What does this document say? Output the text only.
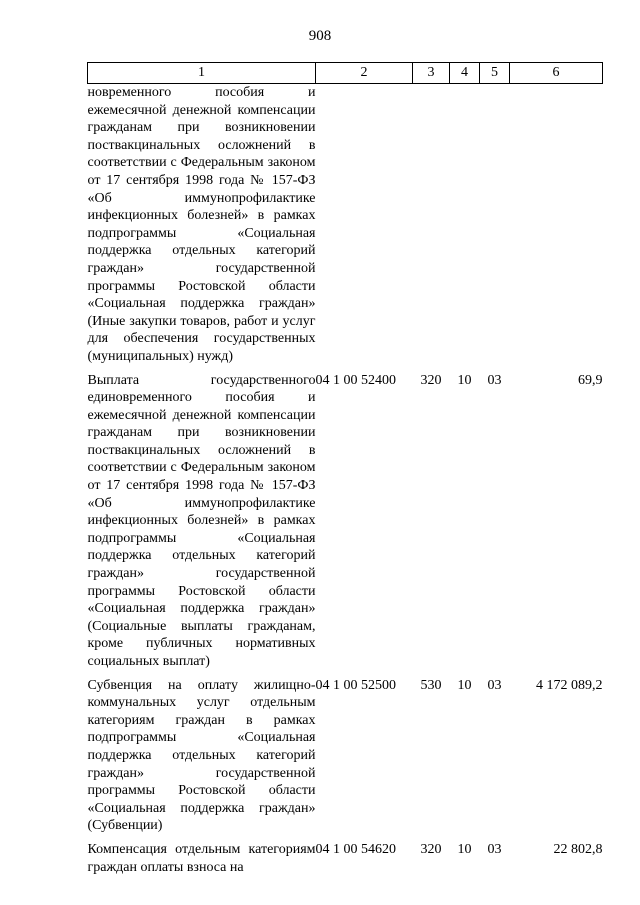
908
1	2	3	4	5	6
новременного пособия и ежемесячной денежной компенсации гражданам при возникновении поствакцинальных осложнений в соответствии с Федеральным законом от 17 сентября 1998 года № 157-ФЗ «Об иммунопрофилактике инфекционных болезней» в рамках подпрограммы «Социальная поддержка отдельных категорий граждан» государственной программы Ростовской области «Социальная поддержка граждан» (Иные закупки товаров, работ и услуг для обеспечения государственных (муниципальных) нужд)					
Выплата государственного единовременного пособия и ежемесячной денежной компенсации гражданам при возникновении поствакцинальных осложнений в соответствии с Федеральным законом от 17 сентября 1998 года № 157-ФЗ «Об иммунопрофилактике инфекционных болезней» в рамках подпрограммы «Социальная поддержка отдельных категорий граждан» государственной программы Ростовской области «Социальная поддержка граждан» (Социальные выплаты гражданам, кроме публичных нормативных социальных выплат)	04 1 00 52400	320	10	03	69,9
Субвенция на оплату жилищно-коммунальных услуг отдельным категориям граждан в рамках подпрограммы «Социальная поддержка отдельных категорий граждан» государственной программы Ростовской области «Социальная поддержка граждан» (Субвенции)	04 1 00 52500	530	10	03	4 172 089,2
Компенсация отдельным категориям граждан оплаты взноса на	04 1 00 54620	320	10	03	22 802,8
